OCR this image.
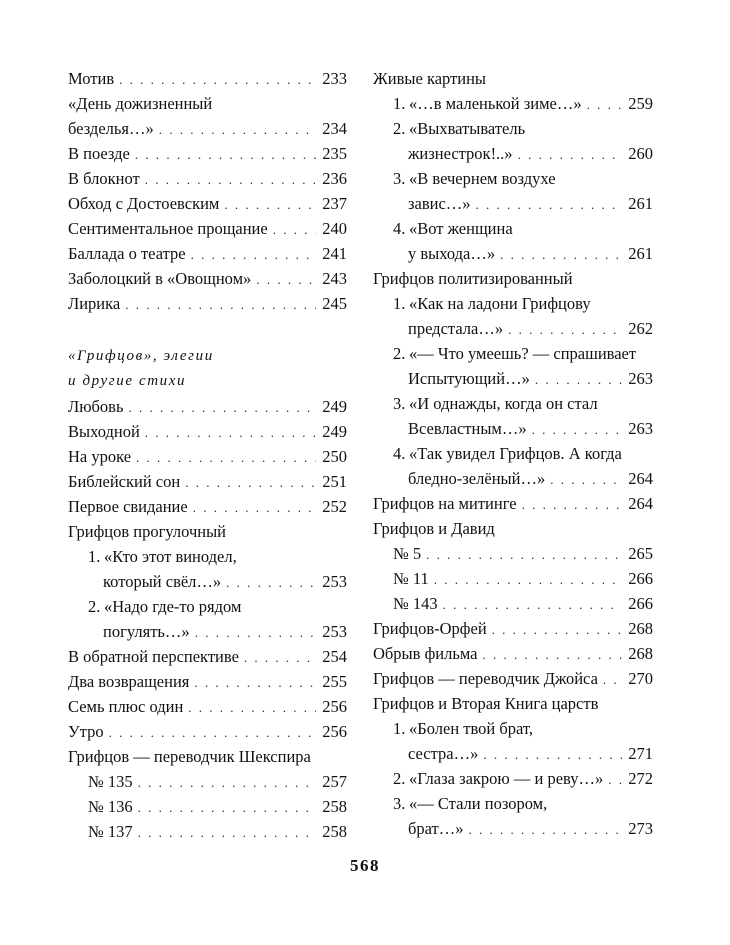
Мотив . . .	233
«День дожизненный
безделья…» . . .	234
В поезде . . .	235
В блокнот . . .	236
Обход с Достоевским . . .	237
Сентиментальное прощание . . .	240
Баллада о театре . . .	241
Заболоцкий в «Овощном» . . .	243
Лирика . . .	245
«Грифцов», элегии
и другие стихи
Любовь . . .	249
Выходной . . .	249
На уроке . . .	250
Библейский сон . . .	251
Первое свидание . . .	252
Грифцов прогулочный
1. «Кто этот винодел,
который свёл…» . . .	253
2. «Надо где-то рядом
погулять…» . . .	253
В обратной перспективе . . .	254
Два возвращения . . .	255
Семь плюс один . . .	256
Утро . . .	256
Грифцов — переводчик Шекспира
№ 135 . . .	257
№ 136 . . .	258
№ 137 . . .	258
Живые картины
1. «…в маленькой зиме…» . . .	259
2. «Выхватыватель
жизнестрок!..» . . .	260
3. «В вечернем воздухе
завис…» . . .	261
4. «Вот женщина
у выхода…» . . .	261
Грифцов политизированный
1. «Как на ладони Грифцову
предстала…» . . .	262
2. «— Что умеешь? — спрашивает
Испытующий…» . . .	263
3. «И однажды, когда он стал
Всевластным…» . . .	263
4. «Так увидел Грифцов. А когда
бледно-зелёный…» . . .	264
Грифцов на митинге . . .	264
Грифцов и Давид
№ 5 . . .	265
№ 11 . . .	266
№ 143 . . .	266
Грифцов-Орфей . . .	268
Обрыв фильма . . .	268
Грифцов — переводчик Джойса . . . 270
Грифцов и Вторая Книга царств
1. «Болен твой брат,
сестра…» . . .	271
2. «Глаза закрою — и реву…» . . . 272
3. «— Стали позором,
брат…» . . .	273
568
